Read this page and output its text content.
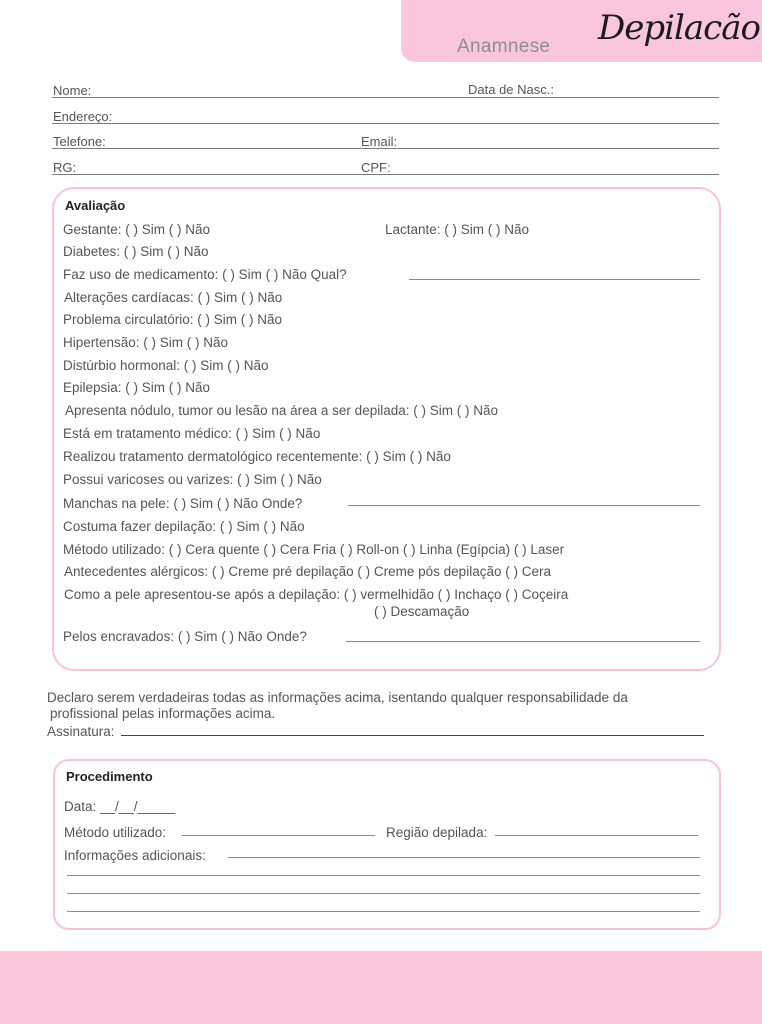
Anamnese Depilacão
Nome:	Data de Nasc.:
Endereço:
Telefone:	Email:
RG:	CPF:
Avaliação
Gestante: ( ) Sim ( ) Não	Lactante: ( ) Sim ( ) Não
Diabetes: ( ) Sim ( ) Não
Faz uso de medicamento: ( ) Sim ( ) Não Qual?
Alterações cardíacas: ( ) Sim ( ) Não
Problema circulatório: ( ) Sim ( ) Não
Hipertensão: ( ) Sim ( ) Não
Distúrbio hormonal: ( ) Sim ( ) Não
Epilepsia: ( ) Sim ( ) Não
Apresenta nódulo, tumor ou lesão na área a ser depilada: ( ) Sim ( ) Não
Está em tratamento médico: ( ) Sim ( ) Não
Realizou tratamento dermatológico recentemente: ( ) Sim ( ) Não
Possui varicoses ou varizes: ( ) Sim ( ) Não
Manchas na pele: ( ) Sim ( ) Não Onde?
Costuma fazer depilação: ( ) Sim ( ) Não
Método utilizado: ( ) Cera quente ( ) Cera Fria ( ) Roll-on ( ) Linha (Egípcia) ( ) Laser
Antecedentes alérgicos: ( ) Creme pré depilação ( ) Creme pós depilação ( ) Cera
Como a pele apresentou-se após a depilação: ( ) vermelhidão ( ) Inchaço ( ) Coçeira
( ) Descamação
Pelos encravados: ( ) Sim ( ) Não Onde?
Declaro serem verdadeiras todas as informações acima, isentando qualquer responsabilidade da
profissional pelas informações acima.
Assinatura:
Procedimento
Data: __/__/_____
Método utilizado:	Região depilada:
Informações adicionais:
